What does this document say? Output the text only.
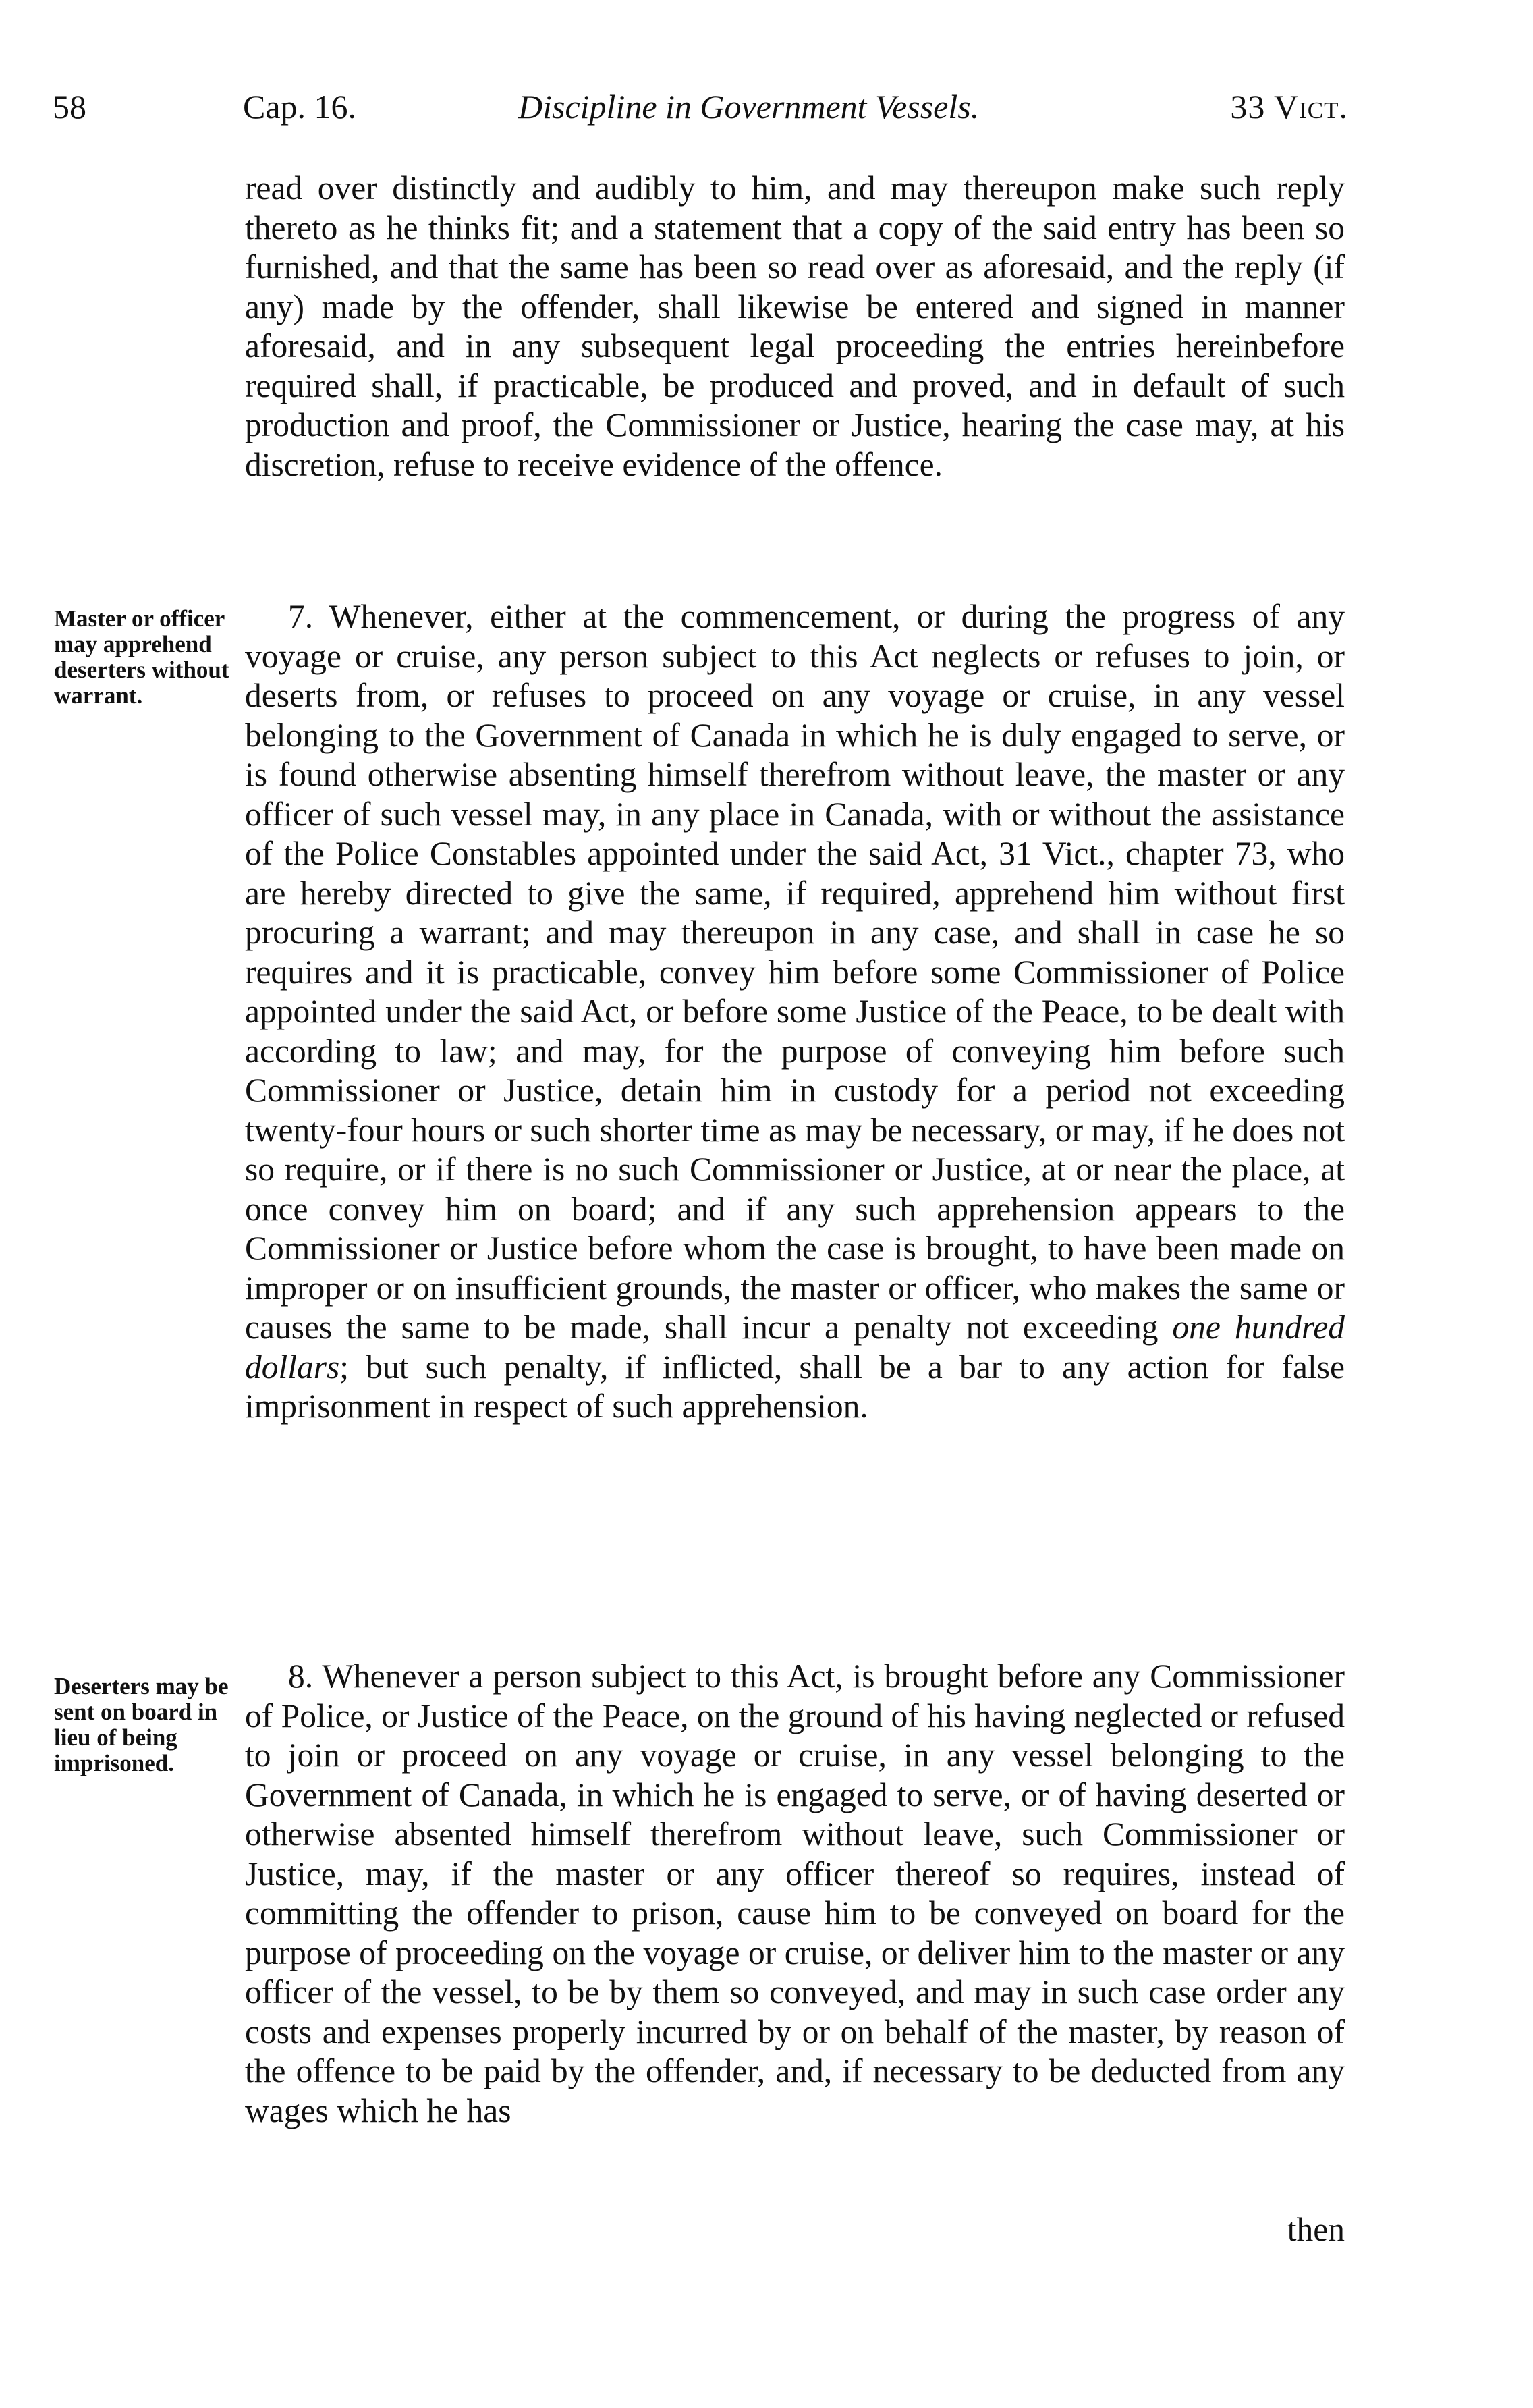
58	Cap. 16.	Discipline in Government Vessels.	33 Vict.

read over distinctly and audibly to him, and may thereupon make such reply thereto as he thinks fit; and a statement that a copy of the said entry has been so furnished, and that the same has been so read over as aforesaid, and the reply (if any) made by the offender, shall likewise be entered and signed in manner aforesaid, and in any subsequent legal proceeding the entries hereinbefore required shall, if practicable, be produced and proved, and in default of such production and proof, the Commissioner or Justice, hearing the case may, at his discretion, refuse to receive evidence of the offence.

Master or officer may apprehend deserters without warrant.

7. Whenever, either at the commencement, or during the progress of any voyage or cruise, any person subject to this Act neglects or refuses to join, or deserts from, or refuses to proceed on any voyage or cruise, in any vessel belonging to the Government of Canada in which he is duly engaged to serve, or is found otherwise absenting himself therefrom without leave, the master or any officer of such vessel may, in any place in Canada, with or without the assistance of the Police Constables appointed under the said Act, 31 Vict., chapter 73, who are hereby directed to give the same, if required, apprehend him without first procuring a warrant; and may thereupon in any case, and shall in case he so requires and it is practicable, convey him before some Commissioner of Police appointed under the said Act, or before some Justice of the Peace, to be dealt with according to law; and may, for the purpose of conveying him before such Commissioner or Justice, detain him in custody for a period not exceeding twenty-four hours or such shorter time as may be necessary, or may, if he does not so require, or if there is no such Commissioner or Justice, at or near the place, at once convey him on board; and if any such apprehension appears to the Commissioner or Justice before whom the case is brought, to have been made on improper or on insufficient grounds, the master or officer, who makes the same or causes the same to be made, shall incur a penalty not exceeding one hundred dollars; but such penalty, if inflicted, shall be a bar to any action for false imprisonment in respect of such apprehension.

Deserters may be sent on board in lieu of being imprisoned.

8. Whenever a person subject to this Act, is brought before any Commissioner of Police, or Justice of the Peace, on the ground of his having neglected or refused to join or proceed on any voyage or cruise, in any vessel belonging to the Government of Canada, in which he is engaged to serve, or of having deserted or otherwise absented himself therefrom without leave, such Commissioner or Justice, may, if the master or any officer thereof so requires, instead of committing the offender to prison, cause him to be conveyed on board for the purpose of proceeding on the voyage or cruise, or deliver him to the master or any officer of the vessel, to be by them so conveyed, and may in such case order any costs and expenses properly incurred by or on behalf of the master, by reason of the offence to be paid by the offender, and, if necessary to be deducted from any wages which he has

then
